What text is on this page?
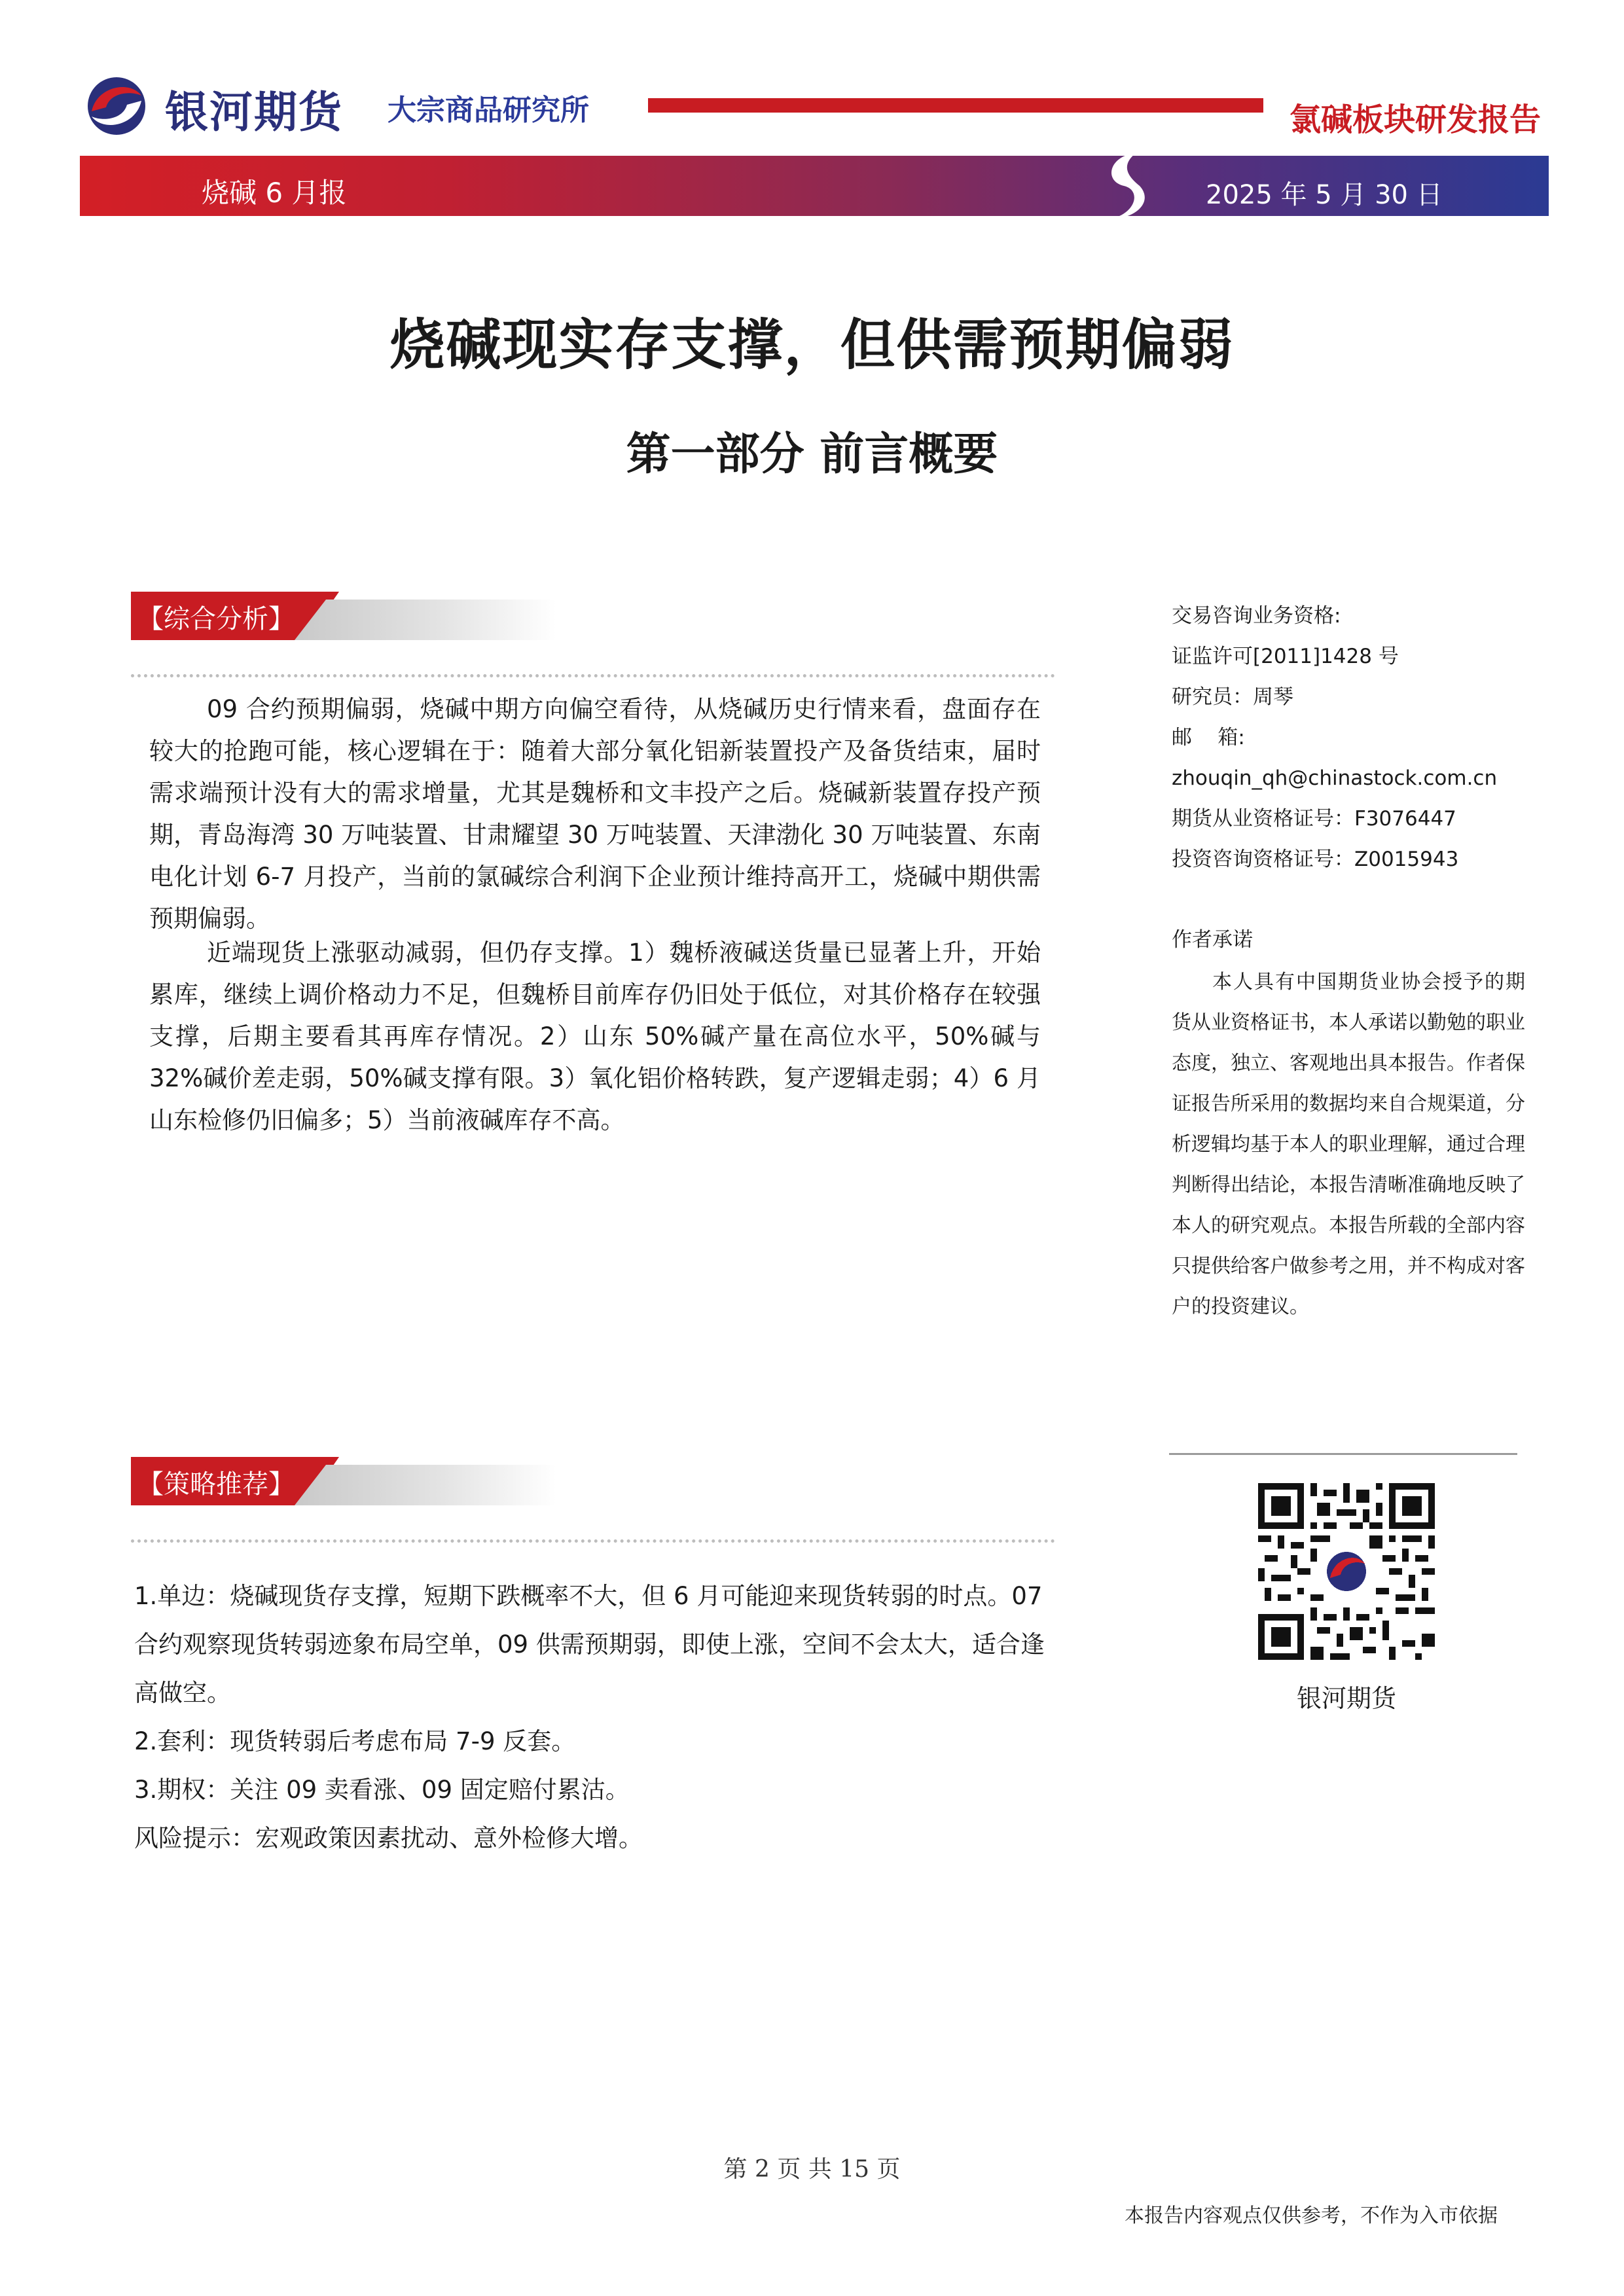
银河期货 大宗商品研究所	氯碱板块研发报告
烧碱 6 月报	2025 年 5 月 30 日
烧碱现实存支撑，但供需预期偏弱
第一部分 前言概要
【综合分析】
09 合约预期偏弱，烧碱中期方向偏空看待，从烧碱历史行情来看，盘面存在较大的抢跑可能，核心逻辑在于：随着大部分氧化铝新装置投产及备货结束，届时需求端预计没有大的需求增量，尤其是魏桥和文丰投产之后。烧碱新装置存投产预期，青岛海湾 30 万吨装置、甘肃耀望 30 万吨装置、天津渤化 30 万吨装置、东南电化计划 6-7 月投产，当前的氯碱综合利润下企业预计维持高开工，烧碱中期供需预期偏弱。
近端现货上涨驱动减弱，但仍存支撑。1）魏桥液碱送货量已显著上升，开始累库，继续上调价格动力不足，但魏桥目前库存仍旧处于低位，对其价格存在较强支撑，后期主要看其再库存情况。2）山东 50%碱产量在高位水平，50%碱与 32%碱价差走弱，50%碱支撑有限。3）氧化铝价格转跌，复产逻辑走弱；4）6 月山东检修仍旧偏多；5）当前液碱库存不高。
【策略推荐】

1.单边：烧碱现货存支撑，短期下跌概率不大，但 6 月可能迎来现货转弱的时点。07 合约观察现货转弱迹象布局空单，09 供需预期弱，即使上涨，空间不会太大，适合逢高做空。

2.套利：现货转弱后考虑布局 7-9 反套。

3.期权：关注 09 卖看涨、09 固定赔付累沽。

风险提示：宏观政策因素扰动、意外检修大增。

交易咨询业务资格:
证监许可[2011]1428 号
研究员：周琴
邮    箱:
zhouqin_qh@chinastock.com.cn
期货从业资格证号：F3076447
投资咨询资格证号：Z0015943
作者承诺
本人具有中国期货业协会授予的期货从业资格证书，本人承诺以勤勉的职业态度，独立、客观地出具本报告。作者保证报告所采用的数据均来自合规渠道，分析逻辑均基于本人的职业理解，通过合理判断得出结论，本报告清晰准确地反映了本人的研究观点。本报告所载的全部内容只提供给客户做参考之用，并不构成对客户的投资建议。
银河期货
第 2 页 共 15 页
本报告内容观点仅供参考，不作为入市依据
